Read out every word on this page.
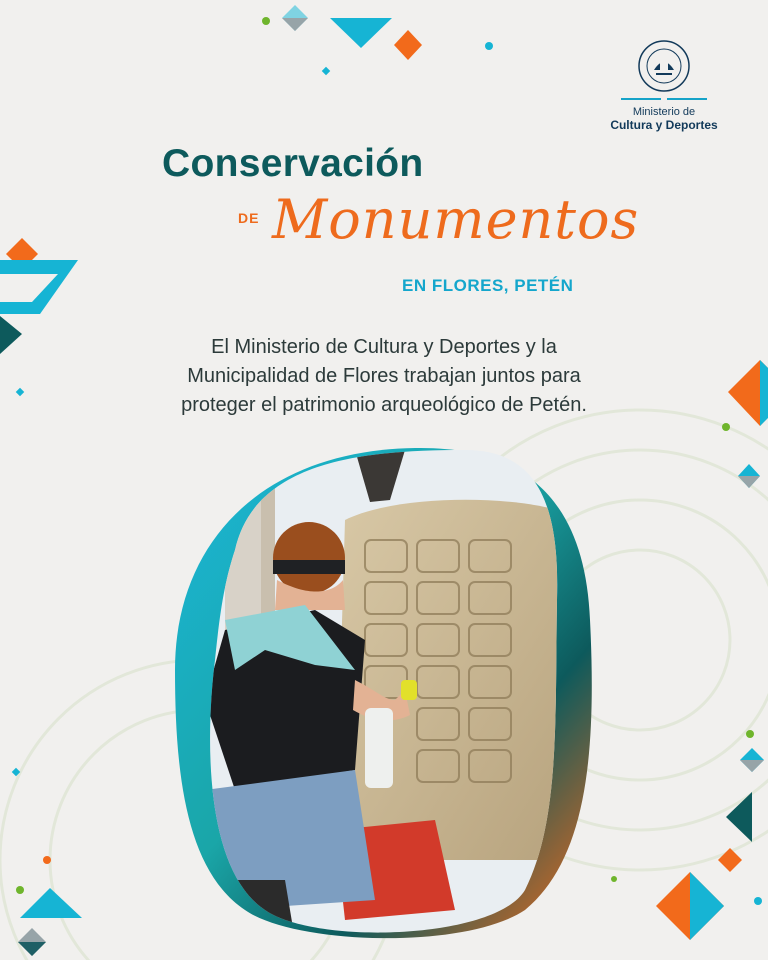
Ministerio de
Cultura y Deportes
Conservación
DE Monumentos
EN FLORES, PETÉN
El Ministerio de Cultura y Deportes y la
Municipalidad de Flores trabajan juntos para
proteger el patrimonio arqueológico de Petén.
